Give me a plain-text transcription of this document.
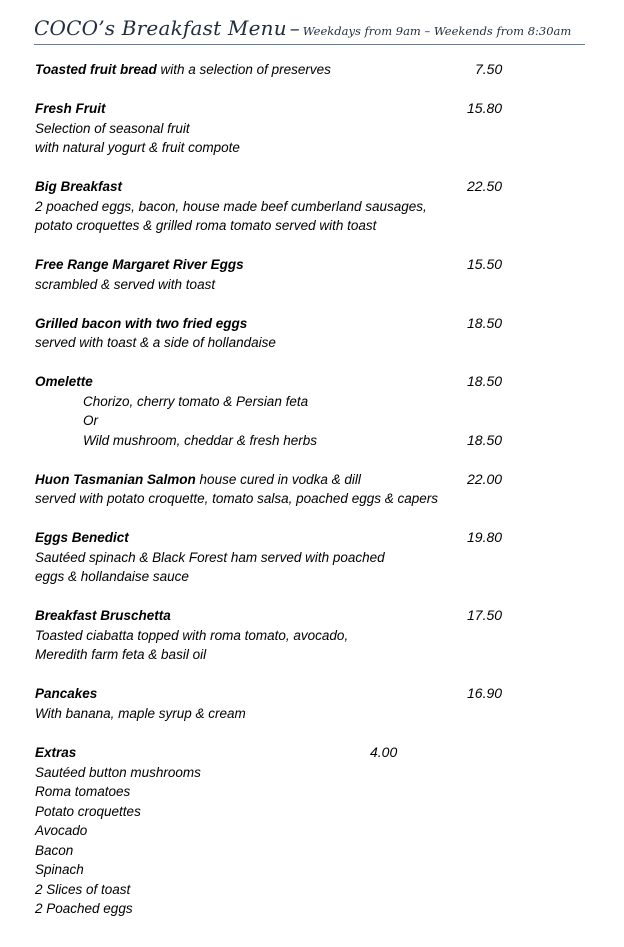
COCO’s Breakfast Menu – Weekdays from 9am – Weekends from 8:30am
Toasted fruit bread with a selection of preserves	7.50
Fresh Fruit	15.80
Selection of seasonal fruit
with natural yogurt & fruit compote
Big Breakfast	22.50
2 poached eggs, bacon, house made beef cumberland sausages,
potato croquettes & grilled roma tomato served with toast
Free Range Margaret River Eggs	15.50
scrambled & served with toast
Grilled bacon with two fried eggs	18.50
served with toast & a side of hollandaise
Omelette	18.50
Chorizo, cherry tomato & Persian feta
Or
Wild mushroom, cheddar & fresh herbs	18.50
Huon Tasmanian Salmon house cured in vodka & dill	22.00
served with potato croquette, tomato salsa, poached eggs & capers
Eggs Benedict	19.80
Sautéed spinach & Black Forest ham served with poached
eggs & hollandaise sauce
Breakfast Bruschetta	17.50
Toasted ciabatta topped with roma tomato, avocado,
Meredith farm feta & basil oil
Pancakes	16.90
With banana, maple syrup & cream
Extras	4.00
Sautéed button mushrooms
Roma tomatoes
Potato croquettes
Avocado
Bacon
Spinach
2 Slices of toast
2 Poached eggs
